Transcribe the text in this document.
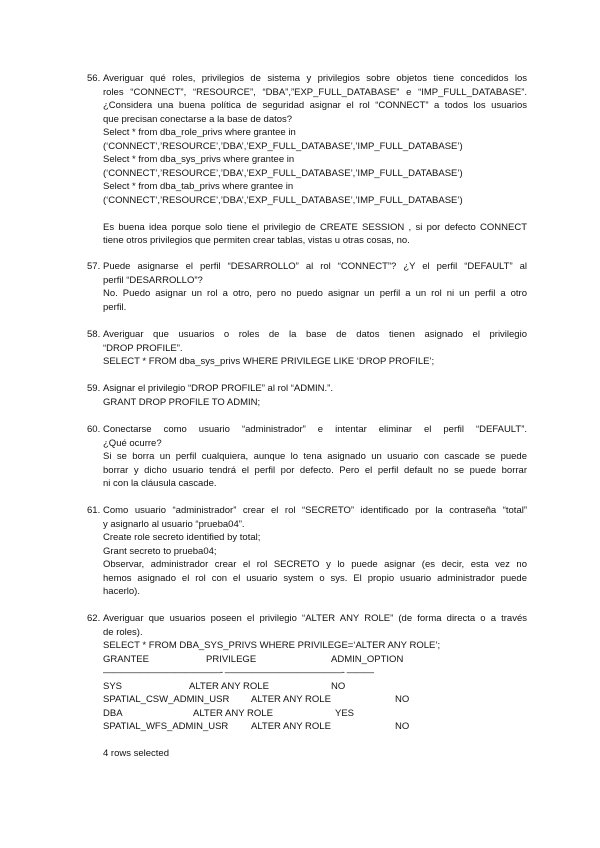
56. Averiguar qué roles, privilegios de sistema y privilegios sobre objetos tiene concedidos los
roles “CONNECT”, “RESOURCE”, “DBA”,”EXP_FULL_DATABASE” e “IMP_FULL_DATABASE”.
¿Considera una buena política de seguridad asignar el rol “CONNECT” a todos los usuarios
que precisan conectarse a la base de datos?
Select * from dba_role_privs where grantee in
(‘CONNECT’,’RESOURCE’,’DBA’,’EXP_FULL_DATABASE’,’IMP_FULL_DATABASE’)
Select * from dba_sys_privs where grantee in
(‘CONNECT’,’RESOURCE’,’DBA’,’EXP_FULL_DATABASE’,’IMP_FULL_DATABASE’)
Select * from dba_tab_privs where grantee in
(‘CONNECT’,’RESOURCE’,’DBA’,’EXP_FULL_DATABASE’,’IMP_FULL_DATABASE’)
Es buena idea porque solo tiene el privilegio de CREATE SESSION , si por defecto CONNECT
tiene otros privilegios que permiten crear tablas, vistas u otras cosas, no.
57. Puede asignarse el perfil “DESARROLLO” al rol “CONNECT”? ¿Y el perfil “DEFAULT” al
perfil “DESARROLLO”?
No. Puedo asignar un rol a otro, pero no puedo asignar un perfil a un rol ni un perfil a otro
perfil.
58. Averiguar que usuarios o roles de la base de datos tienen asignado el privilegio
“DROP PROFILE”.
SELECT * FROM dba_sys_privs WHERE PRIVILEGE LIKE ‘DROP PROFILE’;
59. Asignar el privilegio “DROP PROFILE” al rol “ADMIN.”.
GRANT DROP PROFILE TO ADMIN;
60. Conectarse como usuario “administrador” e intentar eliminar el perfil “DEFAULT”.
¿Qué ocurre?
Si se borra un perfil cualquiera, aunque lo tena asignado un usuario con cascade se puede
borrar y dicho usuario tendrá el perfil por defecto. Pero el perfil default no se puede borrar
ni con la cláusula cascade.
61. Como usuario “administrador” crear el rol “SECRETO” identificado por la contraseña “total”
y asignarlo al usuario “prueba04”.
Create role secreto identified by total;
Grant secreto to prueba04;
Observar, administrador crear el rol SECRETO y lo puede asignar (es decir, esta vez no
hemos asignado el rol con el usuario system o sys. El propio usuario administrador puede
hacerlo).
62. Averiguar que usuarios poseen el privilegio “ALTER ANY ROLE” (de forma directa o a través
de roles).
SELECT * FROM DBA_SYS_PRIVS WHERE PRIVILEGE=‘ALTER ANY ROLE’;
GRANTEE	PRIVILEGE	ADMIN_OPTION
—————————————- —————————————- ———
SYS	ALTER ANY ROLE	NO
SPATIAL_CSW_ADMIN_USR ALTER ANY ROLE	NO
DBA	ALTER ANY ROLE	YES
SPATIAL_WFS_ADMIN_USR ALTER ANY ROLE	NO
4 rows selected
